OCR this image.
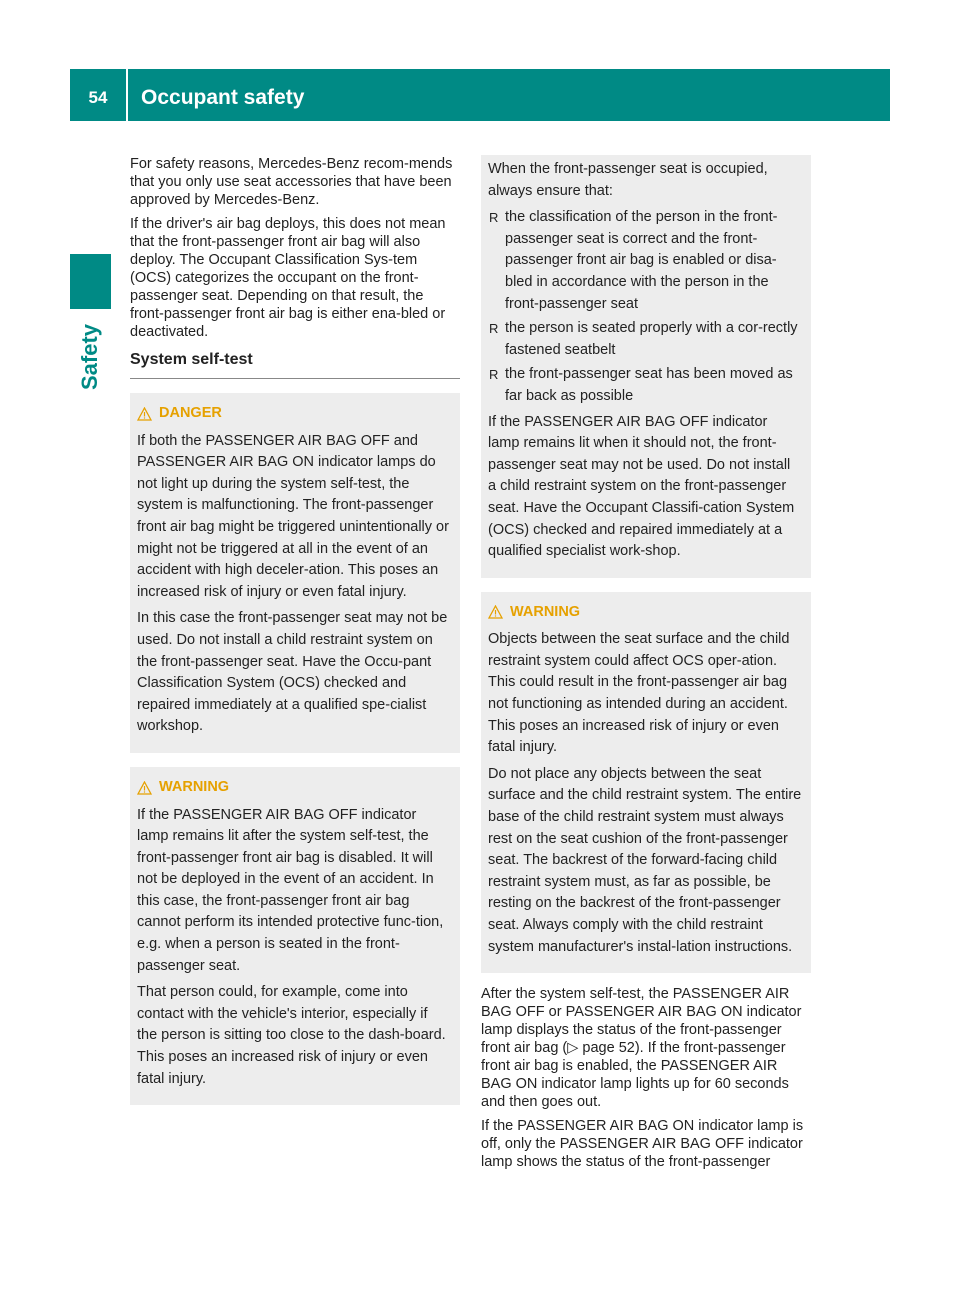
54	Occupant safety
Safety

For safety reasons, Mercedes-Benz recom-mends that you only use seat accessories that have been approved by Mercedes-Benz.

If the driver's air bag deploys, this does not mean that the front-passenger front air bag will also deploy. The Occupant Classification Sys-tem (OCS) categorizes the occupant on the front-passenger seat. Depending on that result, the front-passenger front air bag is either ena-bled or deactivated.

System self-test
DANGER

If both the PASSENGER AIR BAG OFF and PASSENGER AIR BAG ON indicator lamps do not light up during the system self-test, the system is malfunctioning. The front-passenger front air bag might be triggered unintentionally or might not be triggered at all in the event of an accident with high deceler-ation. This poses an increased risk of injury or even fatal injury.

In this case the front-passenger seat may not be used. Do not install a child restraint system on the front-passenger seat. Have the Occu-pant Classification System (OCS) checked and repaired immediately at a qualified spe-cialist workshop.

WARNING

If the PASSENGER AIR BAG OFF indicator lamp remains lit after the system self-test, the front-passenger front air bag is disabled. It will not be deployed in the event of an accident. In this case, the front-passenger front air bag cannot perform its intended protective func-tion, e.g. when a person is seated in the front-passenger seat.

That person could, for example, come into contact with the vehicle's interior, especially if the person is sitting too close to the dash-board. This poses an increased risk of injury or even fatal injury.

When the front-passenger seat is occupied, always ensure that:

R the classification of the person in the front-passenger seat is correct and the front-passenger front air bag is enabled or disa-bled in accordance with the person in the front-passenger seat
R the person is seated properly with a cor-rectly fastened seatbelt
R the front-passenger seat has been moved as far back as possible

If the PASSENGER AIR BAG OFF indicator lamp remains lit when it should not, the front-passenger seat may not be used. Do not install a child restraint system on the front-passenger seat. Have the Occupant Classifi-cation System (OCS) checked and repaired immediately at a qualified specialist work-shop.

WARNING

Objects between the seat surface and the child restraint system could affect OCS oper-ation. This could result in the front-passenger air bag not functioning as intended during an accident. This poses an increased risk of injury or even fatal injury.

Do not place any objects between the seat surface and the child restraint system. The entire base of the child restraint system must always rest on the seat cushion of the front-passenger seat. The backrest of the forward-facing child restraint system must, as far as possible, be resting on the backrest of the front-passenger seat. Always comply with the child restraint system manufacturer's instal-lation instructions.

After the system self-test, the PASSENGER AIR BAG OFF or PASSENGER AIR BAG ON indicator lamp displays the status of the front-passenger front air bag (▷ page 52). If the front-passenger front air bag is enabled, the PASSENGER AIR BAG ON indicator lamp lights up for 60 seconds and then goes out.

If the PASSENGER AIR BAG ON indicator lamp is off, only the PASSENGER AIR BAG OFF indicator lamp shows the status of the front-passenger
